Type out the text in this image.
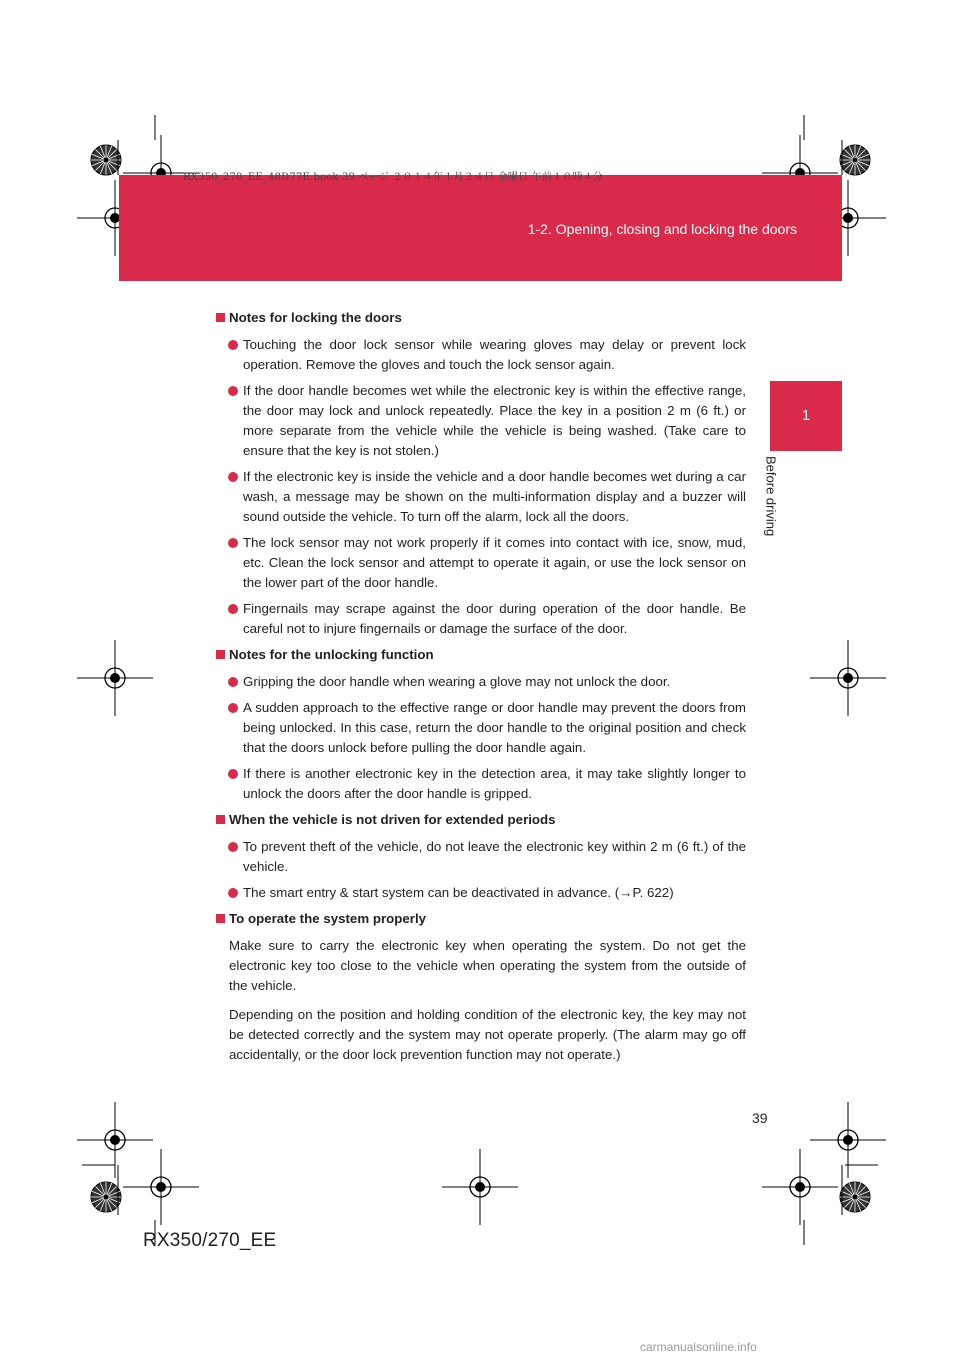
RX350_270_EE_48D77E.book 39 ページ ２０１４年１月２４日 金曜日 午前１０時４分
1-2. Opening, closing and locking the doors
1
Before driving
Notes for locking the doors
Touching the door lock sensor while wearing gloves may delay or prevent lock operation. Remove the gloves and touch the lock sensor again.
If the door handle becomes wet while the electronic key is within the effective range, the door may lock and unlock repeatedly. Place the key in a position 2 m (6 ft.) or more separate from the vehicle while the vehicle is being washed. (Take care to ensure that the key is not stolen.)
If the electronic key is inside the vehicle and a door handle becomes wet during a car wash, a message may be shown on the multi-information display and a buzzer will sound outside the vehicle. To turn off the alarm, lock all the doors.
The lock sensor may not work properly if it comes into contact with ice, snow, mud, etc. Clean the lock sensor and attempt to operate it again, or use the lock sensor on the lower part of the door handle.
Fingernails may scrape against the door during operation of the door handle. Be careful not to injure fingernails or damage the surface of the door.
Notes for the unlocking function
Gripping the door handle when wearing a glove may not unlock the door.
A sudden approach to the effective range or door handle may prevent the doors from being unlocked. In this case, return the door handle to the original position and check that the doors unlock before pulling the door handle again.
If there is another electronic key in the detection area, it may take slightly longer to unlock the doors after the door handle is gripped.
When the vehicle is not driven for extended periods
To prevent theft of the vehicle, do not leave the electronic key within 2 m (6 ft.) of the vehicle.
The smart entry & start system can be deactivated in advance. (→P. 622)
To operate the system properly
Make sure to carry the electronic key when operating the system. Do not get the electronic key too close to the vehicle when operating the system from the outside of the vehicle.
Depending on the position and holding condition of the electronic key, the key may not be detected correctly and the system may not operate properly. (The alarm may go off accidentally, or the door lock prevention function may not operate.)
39
RX350/270_EE
carmanualsonline.info
